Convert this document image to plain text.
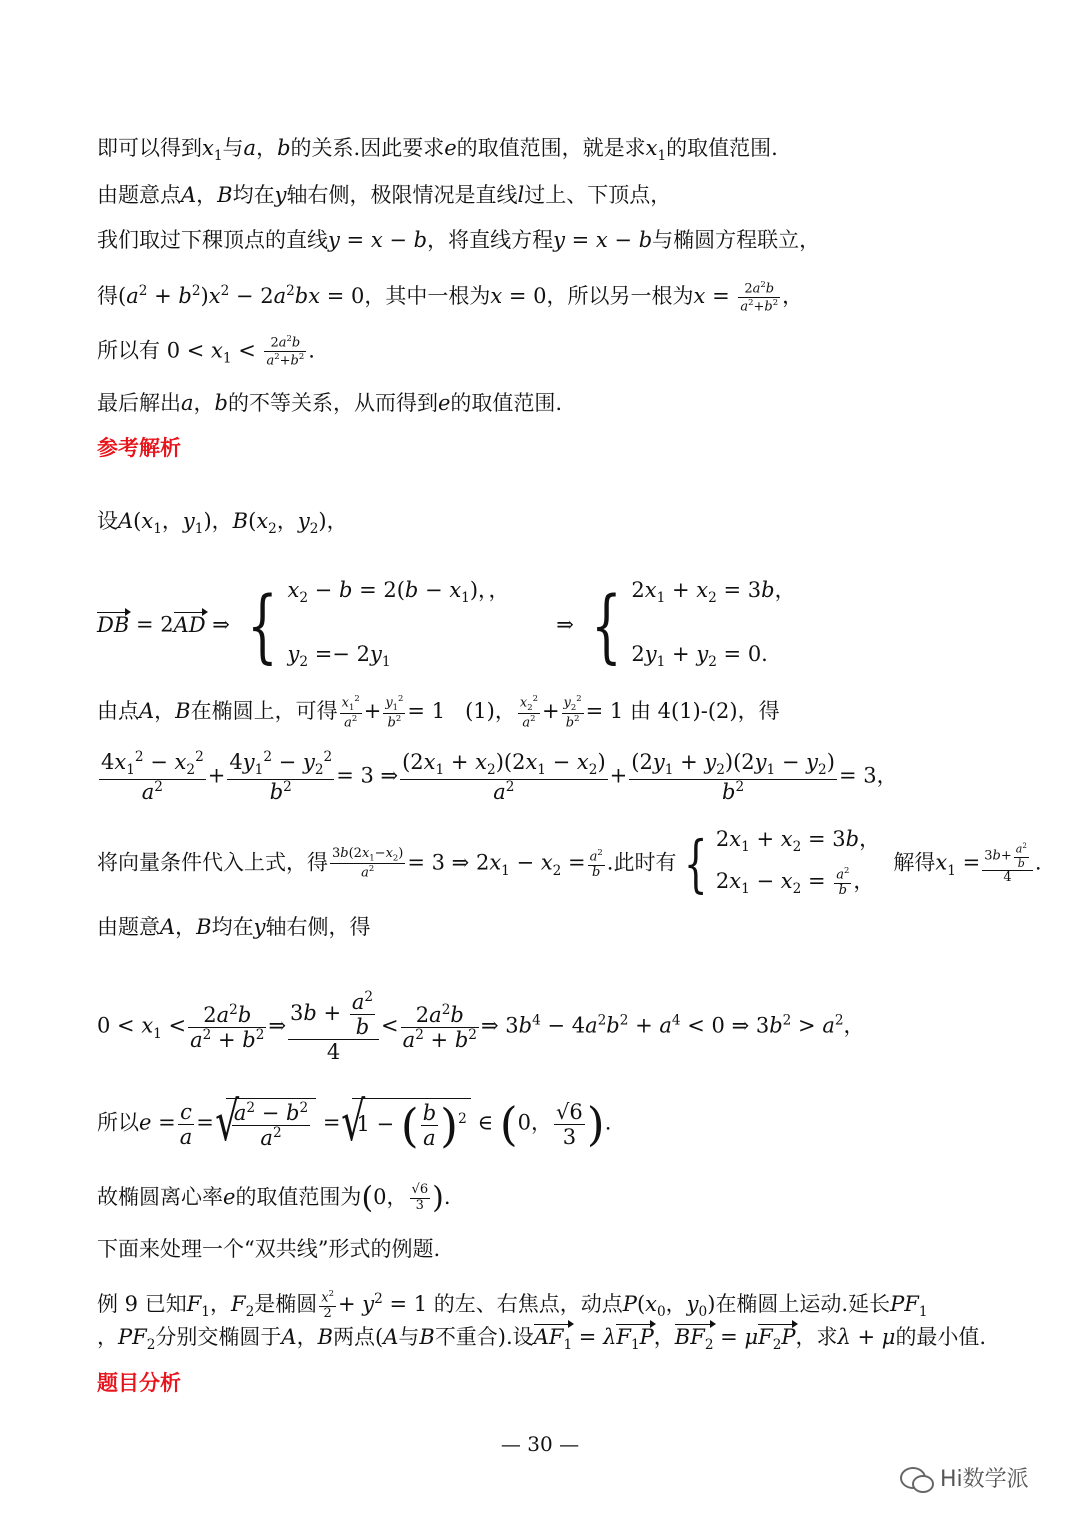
即可以得到$x_1$与a，b的关系.因此要求e的取值范围，就是求$x_1$的取值范围.
由题意点A，B均在y轴右侧，极限情况是直线l过上、下顶点，
我们取过下稞顶点的直线y = x − b，将直线方程y = x − b与椭圆方程联立，
得$(a^2 + b^2)x^2 - 2a^2bx = 0$，其中一根为x = 0，所以另一根为$x = \frac{2a^2b}{a^2+b^2}$ ，
所以有 $0 < x_1 < \frac{2a^2b}{a^2+b^2}$ .
最后解出a，b的不等关系，从而得到e的取值范围.
参考解析
设$A(x_1$，$y_1$)，$B(x_2$，$y_2$)，
DB = 2AD ⇒ { $x_2 - b = 2(b - x_1)$，，
$y_2 =- 2y_1$
⇒ { $2x_1 + x_2 = 3b$，
$2y_1 + y_2 = 0$.
由点A，B在椭圆上，可得 $\frac{x_1^2}{a^2} + \frac{y_1^2}{b^2} = 1$   (1)， $\frac{x_2^2}{a^2} + \frac{y_2^2}{b^2} = 1$ 由 4(1)-(2)，得
$\frac{4x_1^2 - x_2^2}{a^2} + \frac{4y_1^2 - y_2^2}{b^2} = 3$ ⇒ $\frac{(2x_1 + x_2)(2x_1 - x_2)}{a^2} + \frac{(2y_1 + y_2)(2y_1 - y_2)}{b^2} = 3$，
将向量条件代入上式，得 $\frac{3b(2x_1-x_2)}{a^2} = 3$ ⇒ $2x_1 - x_2 = \frac{a^2}{b}$ .此时有 { $2x_1 + x_2 = 3b$，
$2x_1 - x_2 = \frac{a^2}{b}$ ，
解得$x_1 = \frac{3b+ \frac{a^2}{b}}{4}$ .
由题意A，B均在y轴右侧，得
$0 < x_1 < \frac{2a^2b}{a^2 + b^2}$ ⇒ $\frac{3b + \frac{a^2}{b}}{4} < \frac{2a^2b}{a^2 + b^2}$ ⇒ $3b^4 - 4a^2b^2 + a^4 < 0$ ⇒ $3b^2 > a^2$，
所以$e = \frac{c}{a}$ = √ $\frac{a^2 - b^2}{a^2}$ = √ 1 − ( $\frac{b}{a} )^2$ ∈ (0， $\frac{√6}{3}$ ).
故椭圆离心率e的取值范围为(0， $\frac{√6}{3}$ ).
下面来处理一个“双共线”形式的例题.
例 9 已知$F_1$，$F_2$是椭圆 $\frac{x^2}{2} + y^2 = 1$ 的左、右焦点，动点$P(x_0$，$y_0$)在椭圆上运动.延长$PF_1$
，$PF_2$分别交椭圆于A，B两点(A与B不重合).设$AF_1 = \lambda F_1P$，$BF_2 = \mu F_2P$，求λ + μ的最小值.
题目分析
— 30 —
Hi数学派
